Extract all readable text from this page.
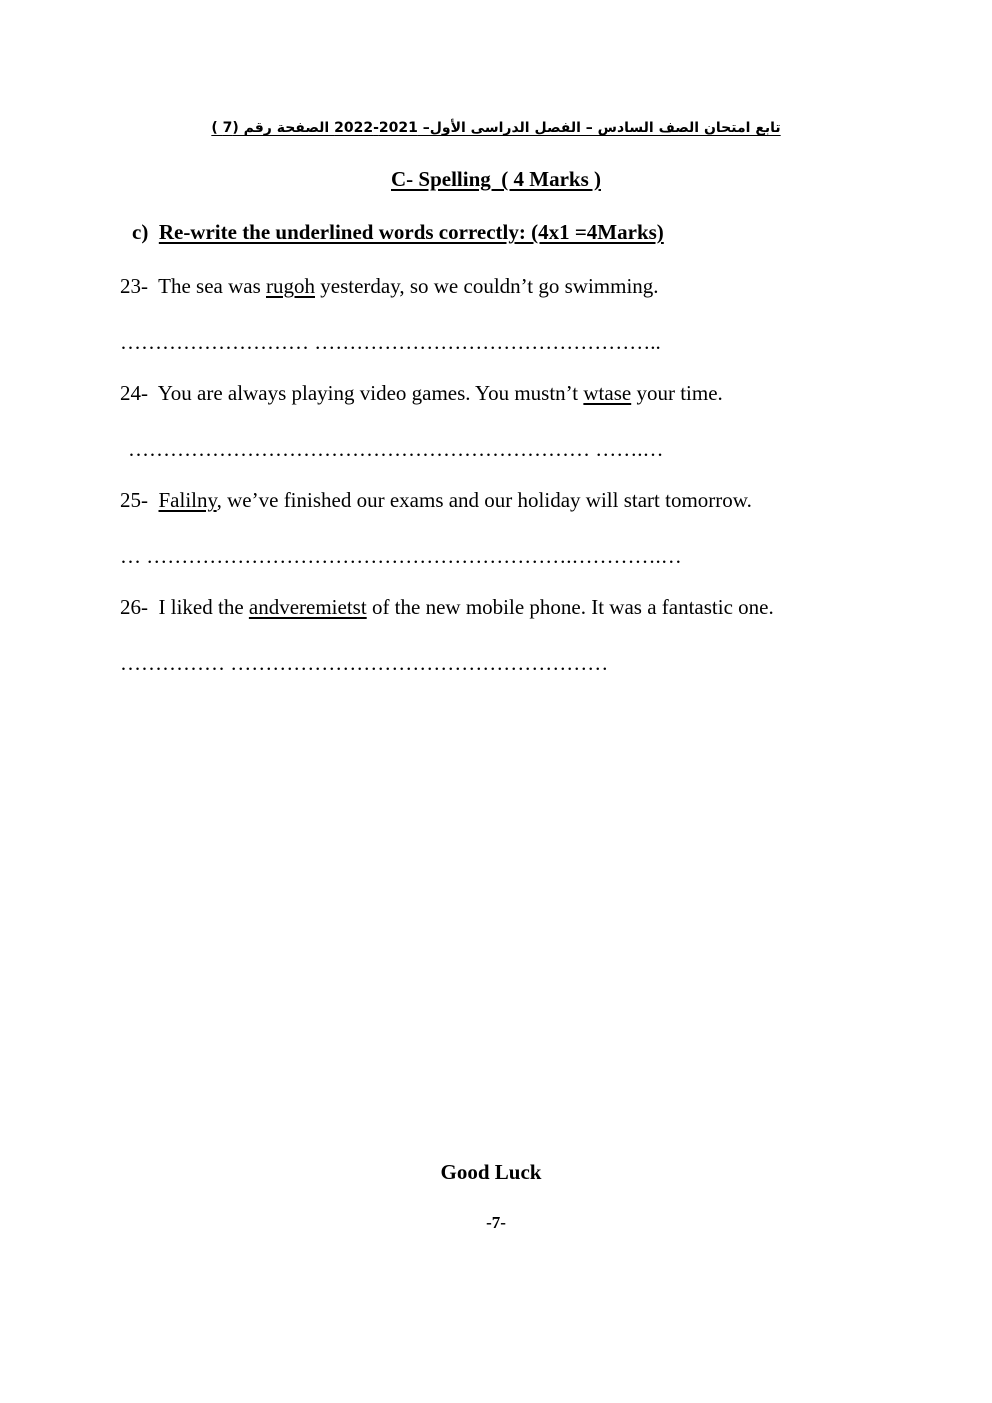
تابع امتحان الصف السادس – الفصل الدراسى الأول– 2021-2022 الصفحة رقم (7 )
C- Spelling  ( 4 Marks )
c) Re-write the underlined words correctly: (4x1 =4Marks)
23- The sea was rugoh yesterday, so we couldn’t go swimming.
……………………… …………………………………………..
24- You are always playing video games. You mustn’t wtase your time.
………………………………………………………… …….…
25- Falilny, we’ve finished our exams and our holiday will start tomorrow.
… …………………………………………………….………….…
26- I liked the andveremietst of the new mobile phone. It was a fantastic one.
…………… ………………………………………………
Good Luck
-7-
